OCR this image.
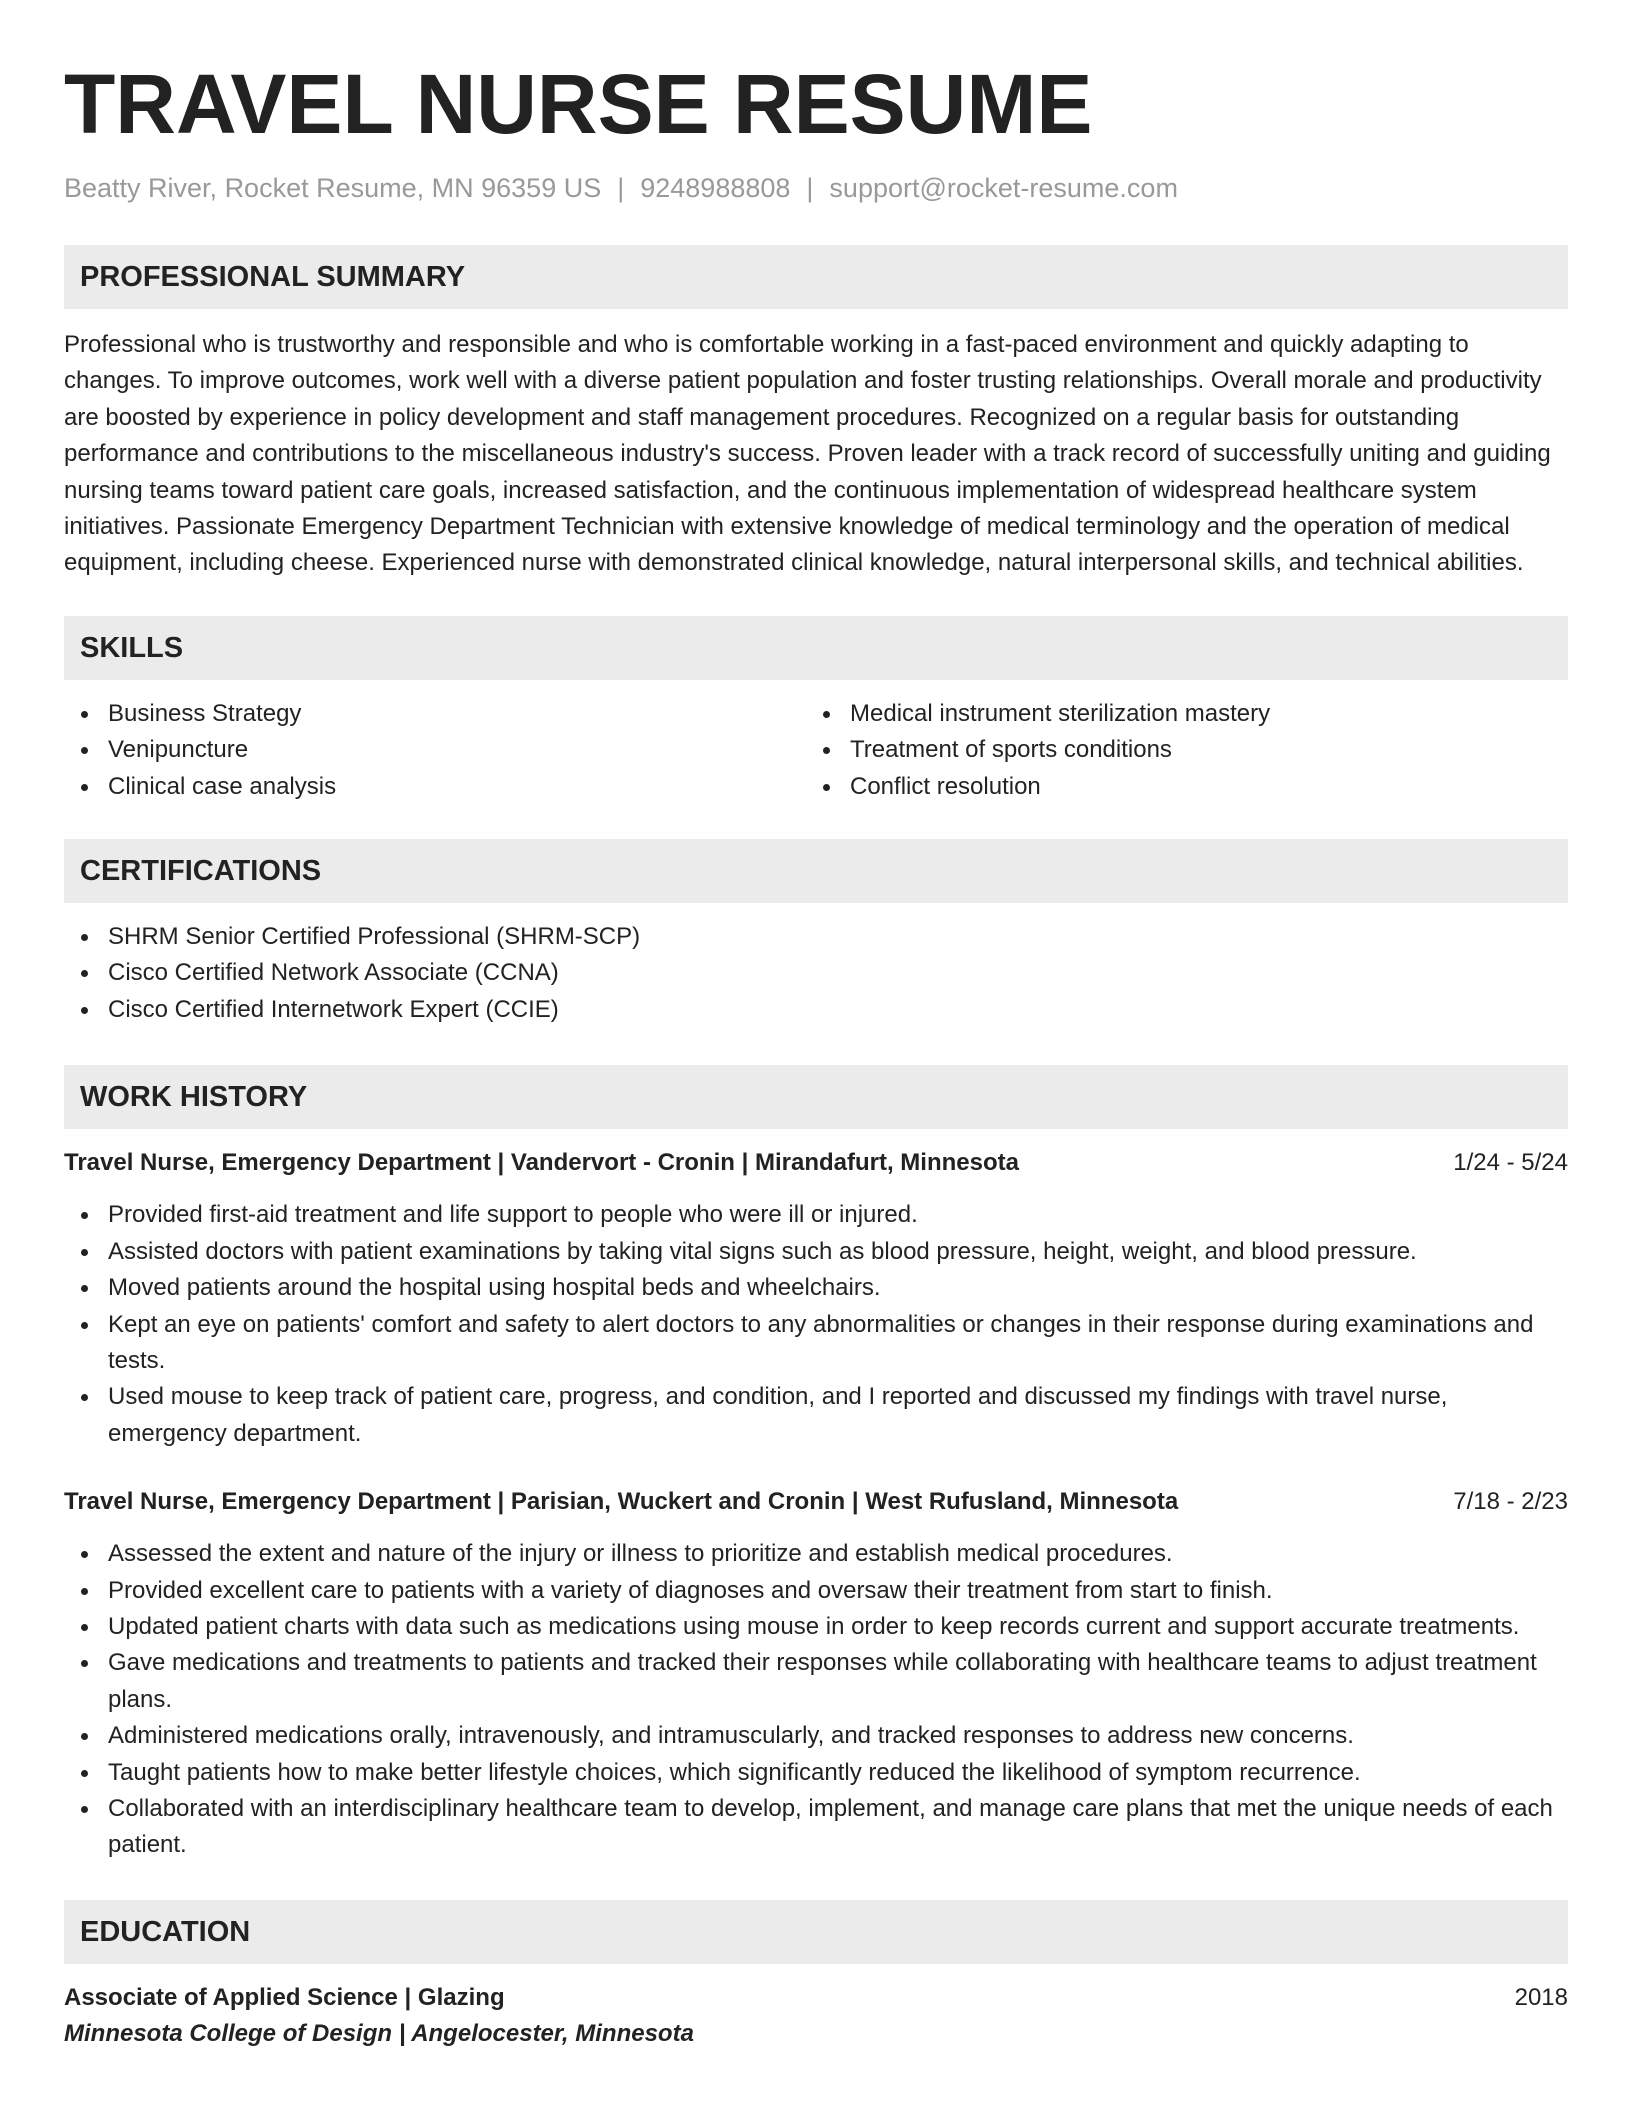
TRAVEL NURSE RESUME
Beatty River, Rocket Resume, MN 96359 US | 9248988808 | support@rocket-resume.com
PROFESSIONAL SUMMARY

Professional who is trustworthy and responsible and who is comfortable working in a fast-paced environment and quickly adapting to changes. To improve outcomes, work well with a diverse patient population and foster trusting relationships. Overall morale and productivity are boosted by experience in policy development and staff management procedures. Recognized on a regular basis for outstanding performance and contributions to the miscellaneous industry's success. Proven leader with a track record of successfully uniting and guiding nursing teams toward patient care goals, increased satisfaction, and the continuous implementation of widespread healthcare system initiatives. Passionate Emergency Department Technician with extensive knowledge of medical terminology and the operation of medical equipment, including cheese. Experienced nurse with demonstrated clinical knowledge, natural interpersonal skills, and technical abilities.

SKILLS
Business Strategy
Venipuncture
Clinical case analysis
Medical instrument sterilization mastery
Treatment of sports conditions
Conflict resolution
CERTIFICATIONS
SHRM Senior Certified Professional (SHRM-SCP)
Cisco Certified Network Associate (CCNA)
Cisco Certified Internetwork Expert (CCIE)
WORK HISTORY
Travel Nurse, Emergency Department | Vandervort - Cronin | Mirandafurt, Minnesota	1/24 - 5/24
Provided first-aid treatment and life support to people who were ill or injured.
Assisted doctors with patient examinations by taking vital signs such as blood pressure, height, weight, and blood pressure.
Moved patients around the hospital using hospital beds and wheelchairs.
Kept an eye on patients' comfort and safety to alert doctors to any abnormalities or changes in their response during examinations and tests.
Used mouse to keep track of patient care, progress, and condition, and I reported and discussed my findings with travel nurse, emergency department.
Travel Nurse, Emergency Department | Parisian, Wuckert and Cronin | West Rufusland, Minnesota	7/18 - 2/23
Assessed the extent and nature of the injury or illness to prioritize and establish medical procedures.
Provided excellent care to patients with a variety of diagnoses and oversaw their treatment from start to finish.
Updated patient charts with data such as medications using mouse in order to keep records current and support accurate treatments.
Gave medications and treatments to patients and tracked their responses while collaborating with healthcare teams to adjust treatment plans.
Administered medications orally, intravenously, and intramuscularly, and tracked responses to address new concerns.
Taught patients how to make better lifestyle choices, which significantly reduced the likelihood of symptom recurrence.
Collaborated with an interdisciplinary healthcare team to develop, implement, and manage care plans that met the unique needs of each patient.
EDUCATION
Associate of Applied Science | Glazing	2018
Minnesota College of Design | Angelocester, Minnesota
